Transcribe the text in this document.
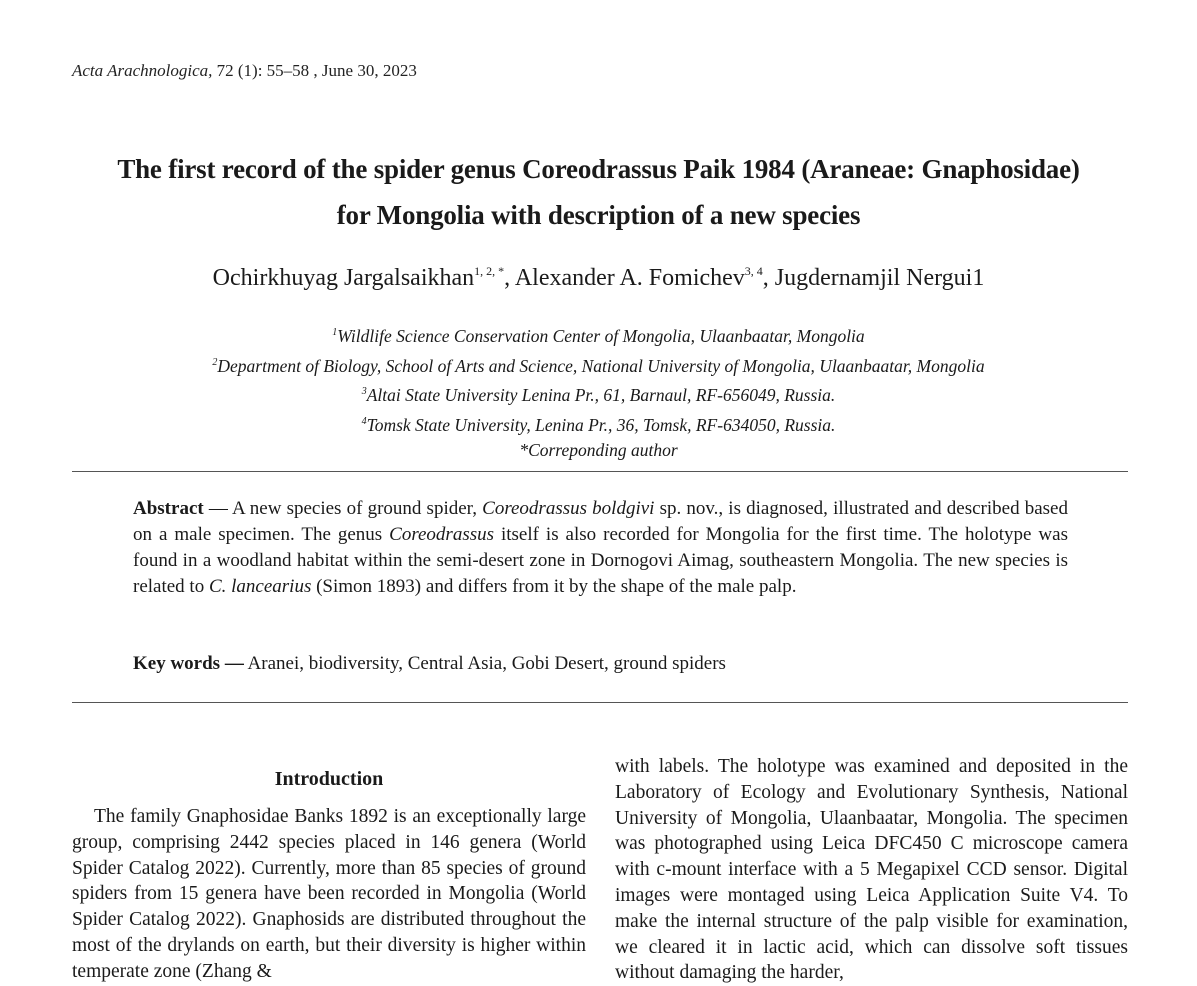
Acta Arachnologica, 72 (1): 55–58 , June 30, 2023
The first record of the spider genus Coreodrassus Paik 1984 (Araneae: Gnaphosidae)
for Mongolia with description of a new species
Ochirkhuyag Jargalsaikhan$^{1, 2, *}$, Alexander A. Fomichev$^{3, 4}$, Jugdernamjil Nergui1
$^1$Wildlife Science Conservation Center of Mongolia, Ulaanbaatar, Mongolia
$^2$Department of Biology, School of Arts and Science, National University of Mongolia, Ulaanbaatar, Mongolia
$^3$Altai State University Lenina Pr., 61, Barnaul, RF-656049, Russia.
$^4$Tomsk State University, Lenina Pr., 36, Tomsk, RF-634050, Russia.
*Correponding author

Abstract — A new species of ground spider, Coreodrassus boldgivi sp. nov., is diagnosed, illustrated and described based on a male specimen. The genus Coreodrassus itself is also recorded for Mongolia for the first time. The holotype was found in a woodland habitat within the semi-desert zone in Dornogovi Aimag, southeastern Mongolia. The new species is related to C. lancearius (Simon 1893) and differs from it by the shape of the male palp.

Key words — Aranei, biodiversity, Central Asia, Gobi Desert, ground spiders

Introduction

The family Gnaphosidae Banks 1892 is an exceptionally large group, comprising 2442 species placed in 146 genera (World Spider Catalog 2022). Currently, more than 85 species of ground spiders from 15 genera have been recorded in Mongolia (World Spider Catalog 2022). Gnaphosids are distributed throughout the most of the drylands on earth, but their diversity is higher within temperate zone (Zhang &

with labels. The holotype was examined and deposited in the Laboratory of Ecology and Evolutionary Synthesis, National University of Mongolia, Ulaanbaatar, Mongolia. The specimen was photographed using Leica DFC450 C microscope camera with c-mount interface with a 5 Megapixel CCD sensor. Digital images were montaged using Leica Application Suite V4. To make the internal structure of the palp visible for examination, we cleared it in lactic acid, which can dissolve soft tissues without damaging the harder,
